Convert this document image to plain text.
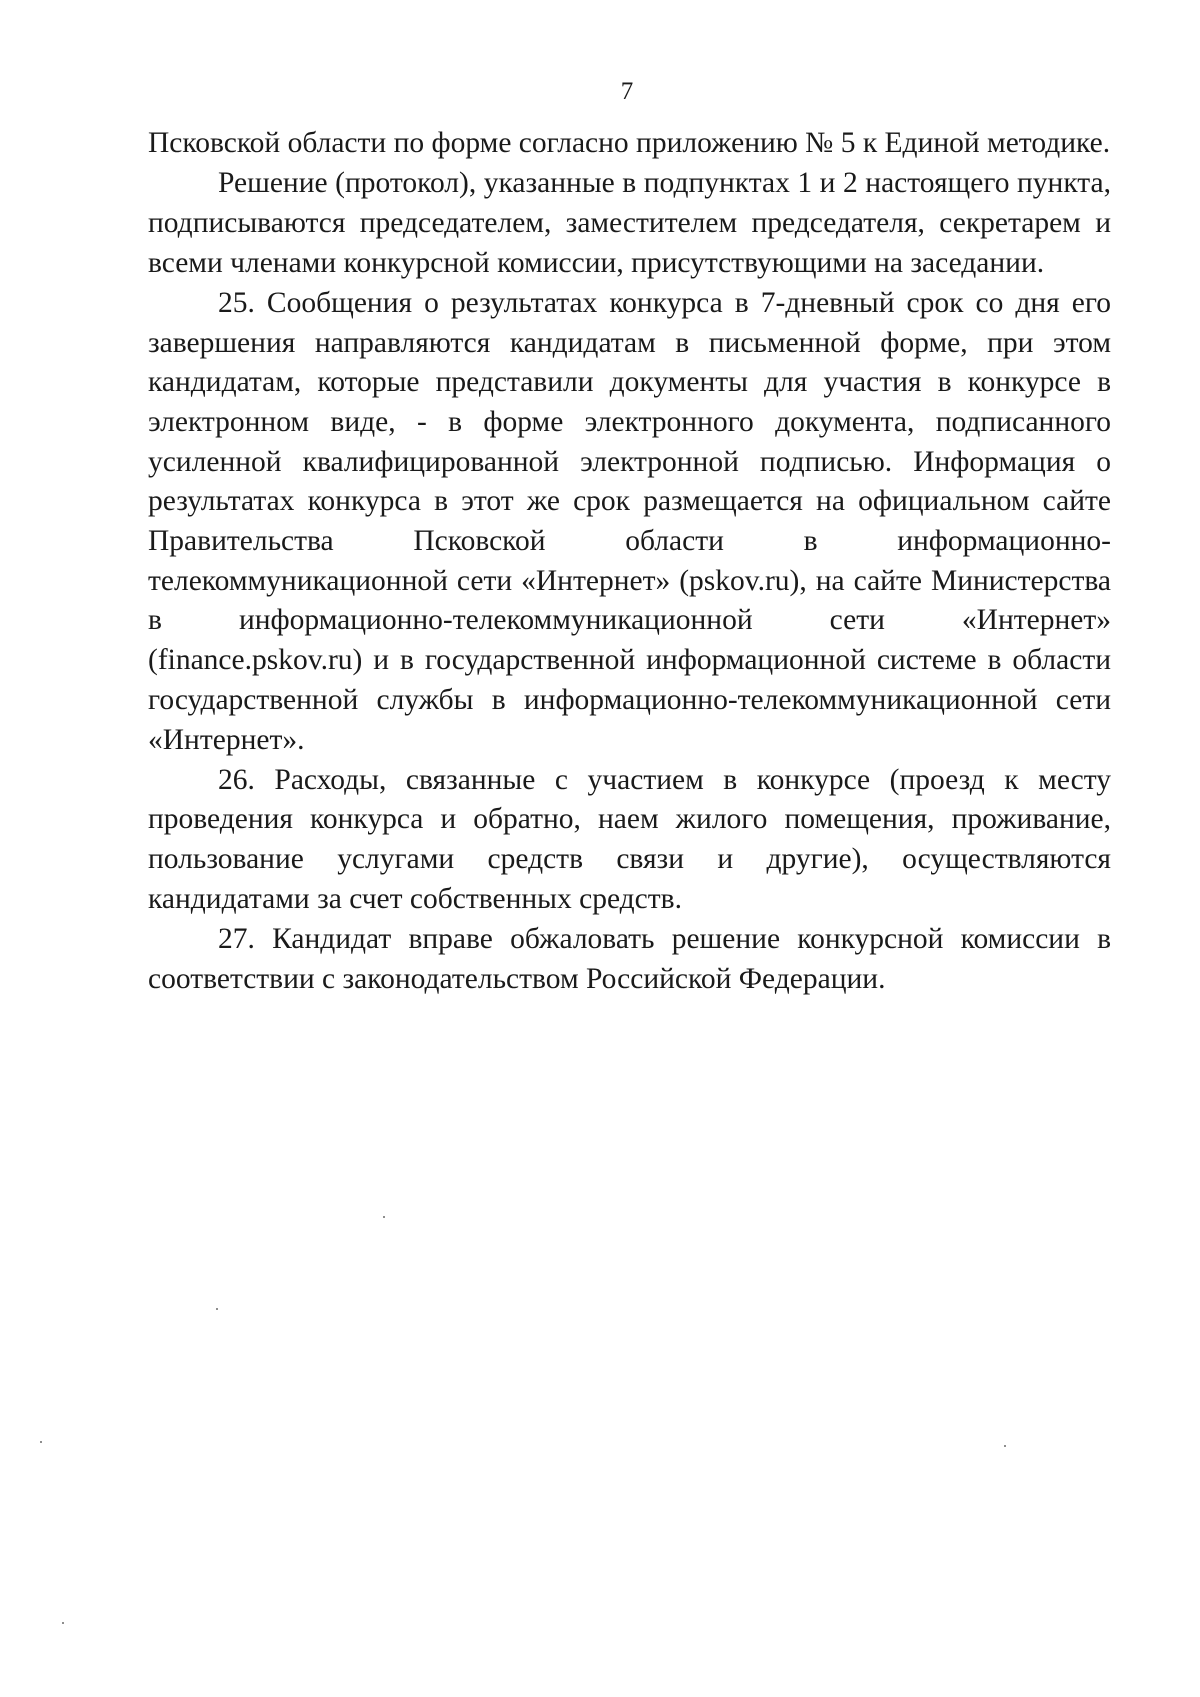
7

Псковской области по форме согласно приложению № 5 к Единой методике.

Решение (протокол), указанные в подпунктах 1 и 2 настоящего пункта, подписываются председателем, заместителем председателя, секретарем и всеми членами конкурсной комиссии, присутствующими на заседании.

25. Сообщения о результатах конкурса в 7-дневный срок со дня его завершения направляются кандидатам в письменной форме, при этом кандидатам, которые представили документы для участия в конкурсе в электронном виде, - в форме электронного документа, подписанного усиленной квалифицированной электронной подписью. Информация о результатах конкурса в этот же срок размещается на официальном сайте Правительства Псковской области в информационно-телекоммуникационной сети «Интернет» (pskov.ru), на сайте Министерства в информационно-телекоммуникационной сети «Интернет» (finance.pskov.ru) и в государственной информационной системе в области государственной службы в информационно-телекоммуникационной сети «Интернет».

26. Расходы, связанные с участием в конкурсе (проезд к месту проведения конкурса и обратно, наем жилого помещения, проживание, пользование услугами средств связи и другие), осуществляются кандидатами за счет собственных средств.

27. Кандидат вправе обжаловать решение конкурсной комиссии в соответствии с законодательством Российской Федерации.
